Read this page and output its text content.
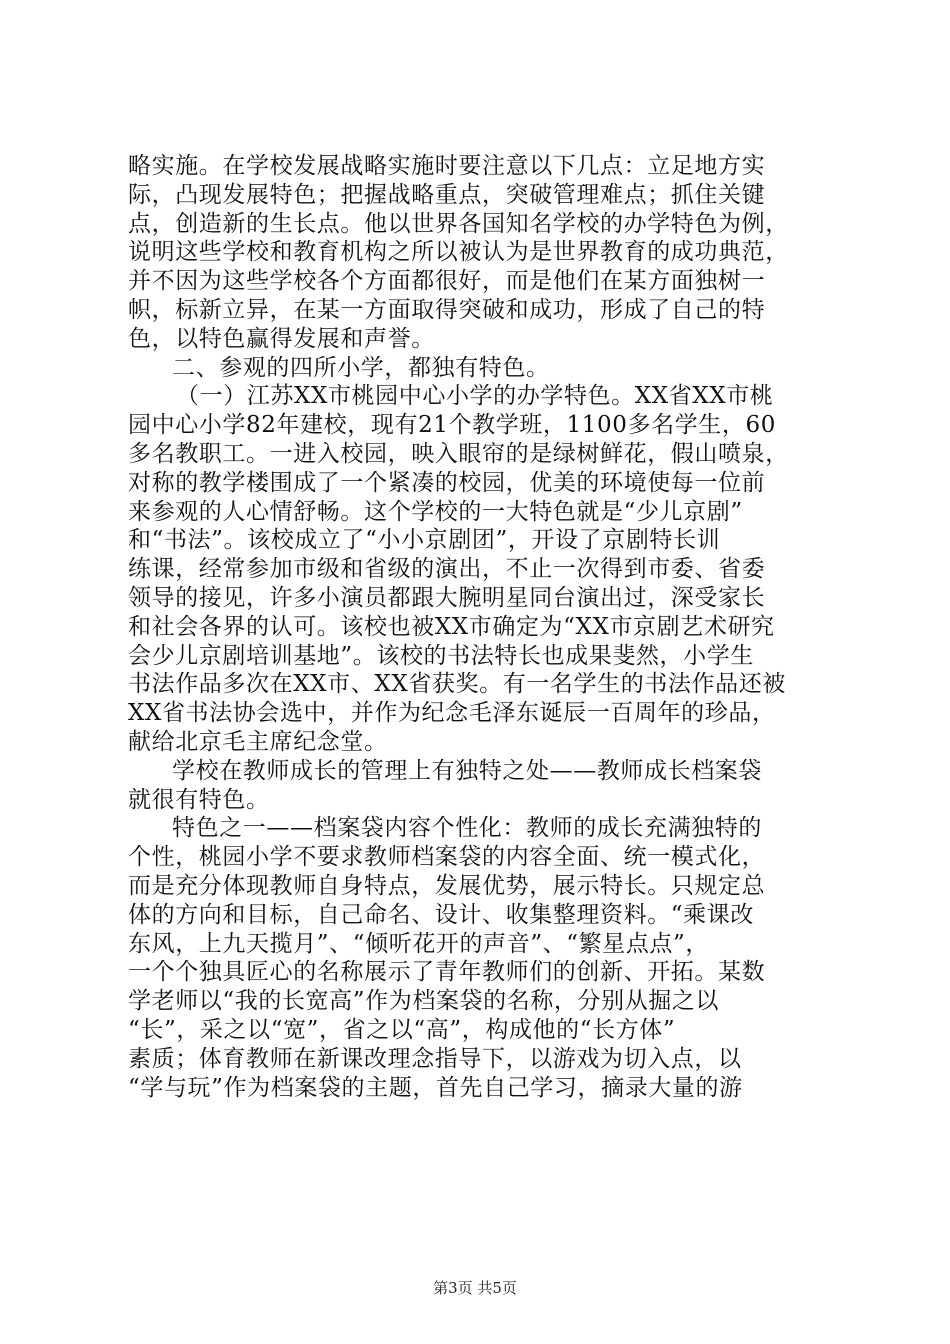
略实施。在学校发展战略实施时要注意以下几点：立足地方实
际，凸现发展特色；把握战略重点，突破管理难点；抓住关键
点，创造新的生长点。他以世界各国知名学校的办学特色为例，
说明这些学校和教育机构之所以被认为是世界教育的成功典范，
并不因为这些学校各个方面都很好，而是他们在某方面独树一
帜，标新立异，在某一方面取得突破和成功，形成了自己的特
色，以特色赢得发展和声誉。
二、参观的四所小学，都独有特色。
（一）江苏XX市桃园中心小学的办学特色。XX省XX市桃
园中心小学82年建校，现有21个教学班，1100多名学生，60
多名教职工。一进入校园，映入眼帘的是绿树鲜花，假山喷泉，
对称的教学楼围成了一个紧凑的校园，优美的环境使每一位前
来参观的人心情舒畅。这个学校的一大特色就是“少儿京剧”
和“书法”。该校成立了“小小京剧团”，开设了京剧特长训
练课，经常参加市级和省级的演出，不止一次得到市委、省委
领导的接见，许多小演员都跟大腕明星同台演出过，深受家长
和社会各界的认可。该校也被XX市确定为“XX市京剧艺术研究
会少儿京剧培训基地”。该校的书法特长也成果斐然，小学生
书法作品多次在XX市、XX省获奖。有一名学生的书法作品还被
XX省书法协会选中，并作为纪念毛泽东诞辰一百周年的珍品，
献给北京毛主席纪念堂。
学校在教师成长的管理上有独特之处——教师成长档案袋
就很有特色。
特色之一——档案袋内容个性化：教师的成长充满独特的
个性，桃园小学不要求教师档案袋的内容全面、统一模式化，
而是充分体现教师自身特点，发展优势，展示特长。只规定总
体的方向和目标，自己命名、设计、收集整理资料。“乘课改
东风，上九天揽月”、“倾听花开的声音”、“繁星点点”，
一个个独具匠心的名称展示了青年教师们的创新、开拓。某数
学老师以“我的长宽高”作为档案袋的名称，分别从掘之以
“长”，采之以“宽”，省之以“高”，构成他的“长方体”
素质；体育教师在新课改理念指导下，以游戏为切入点，以
“学与玩”作为档案袋的主题，首先自己学习，摘录大量的游
第3页 共5页
